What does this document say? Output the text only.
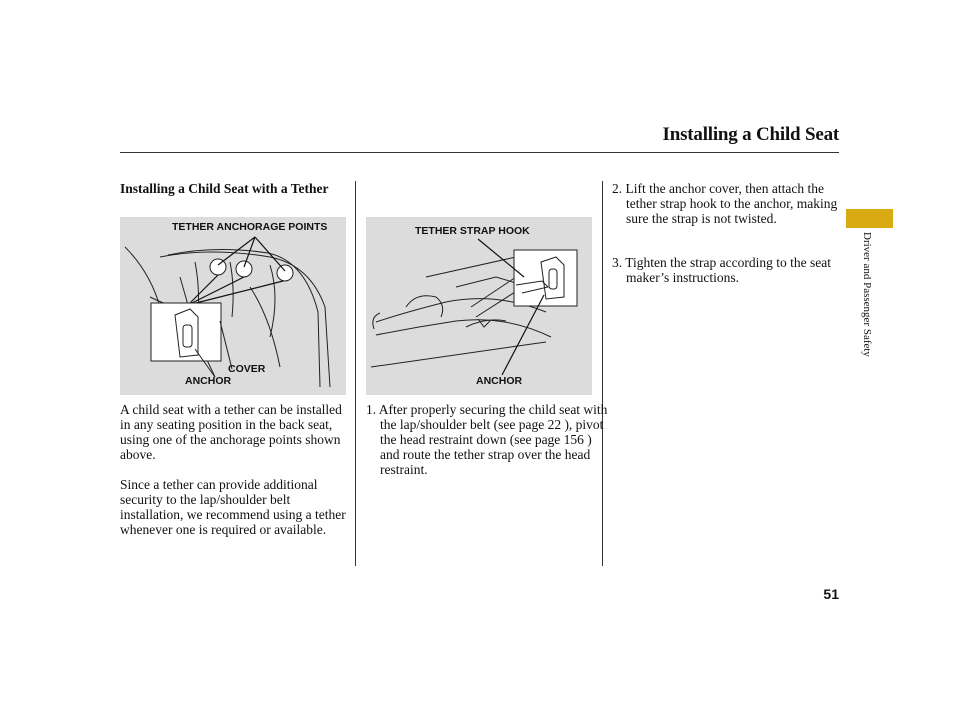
Installing a Child Seat
Installing a Child Seat with a Tether
TETHER ANCHORAGE POINTS
COVER
ANCHOR

A child seat with a tether can be installed in any seating position in the back seat, using one of the anchorage points shown above.

Since a tether can provide additional security to the lap/shoulder belt installation, we recommend using a tether whenever one is required or available.

TETHER STRAP HOOK
ANCHOR

1. After properly securing the child seat with the lap/shoulder belt (see page 22 ), pivot the head restraint down (see page 156 ) and route the tether strap over the head restraint.

2. Lift the anchor cover, then attach the tether strap hook to the anchor, making sure the strap is not twisted.

3. Tighten the strap according to the seat maker’s instructions.	Driver and Passenger Safety
51
